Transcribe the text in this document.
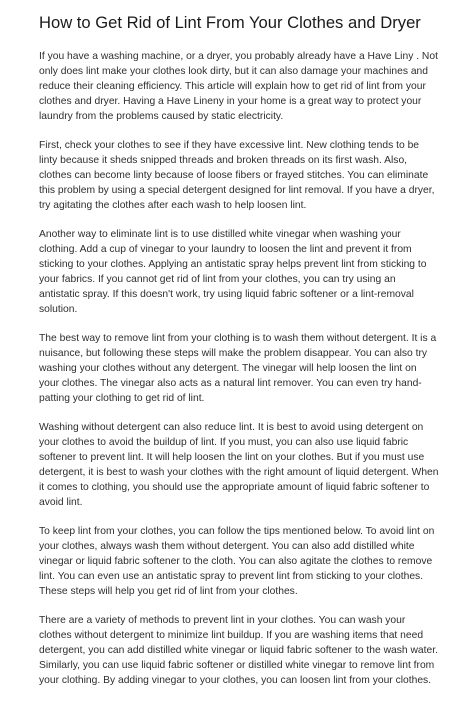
How to Get Rid of Lint From Your Clothes and Dryer

If you have a washing machine, or a dryer, you probably already have a Have Liny . Not only does lint make your clothes look dirty, but it can also damage your machines and reduce their cleaning efficiency. This article will explain how to get rid of lint from your clothes and dryer. Having a Have Lineny in your home is a great way to protect your laundry from the problems caused by static electricity.

First, check your clothes to see if they have excessive lint. New clothing tends to be linty because it sheds snipped threads and broken threads on its first wash. Also, clothes can become linty because of loose fibers or frayed stitches. You can eliminate this problem by using a special detergent designed for lint removal. If you have a dryer, try agitating the clothes after each wash to help loosen lint.

Another way to eliminate lint is to use distilled white vinegar when washing your clothing. Add a cup of vinegar to your laundry to loosen the lint and prevent it from sticking to your clothes. Applying an antistatic spray helps prevent lint from sticking to your fabrics. If you cannot get rid of lint from your clothes, you can try using an antistatic spray. If this doesn't work, try using liquid fabric softener or a lint-removal solution.

The best way to remove lint from your clothing is to wash them without detergent. It is a nuisance, but following these steps will make the problem disappear. You can also try washing your clothes without any detergent. The vinegar will help loosen the lint on your clothes. The vinegar also acts as a natural lint remover. You can even try hand-patting your clothing to get rid of lint.

Washing without detergent can also reduce lint. It is best to avoid using detergent on your clothes to avoid the buildup of lint. If you must, you can also use liquid fabric softener to prevent lint. It will help loosen the lint on your clothes. But if you must use detergent, it is best to wash your clothes with the right amount of liquid detergent. When it comes to clothing, you should use the appropriate amount of liquid fabric softener to avoid lint.

To keep lint from your clothes, you can follow the tips mentioned below. To avoid lint on your clothes, always wash them without detergent. You can also add distilled white vinegar or liquid fabric softener to the cloth. You can also agitate the clothes to remove lint. You can even use an antistatic spray to prevent lint from sticking to your clothes. These steps will help you get rid of lint from your clothes.

There are a variety of methods to prevent lint in your clothes. You can wash your clothes without detergent to minimize lint buildup. If you are washing items that need detergent, you can add distilled white vinegar or liquid fabric softener to the wash water. Similarly, you can use liquid fabric softener or distilled white vinegar to remove lint from your clothing. By adding vinegar to your clothes, you can loosen lint from your clothes.
